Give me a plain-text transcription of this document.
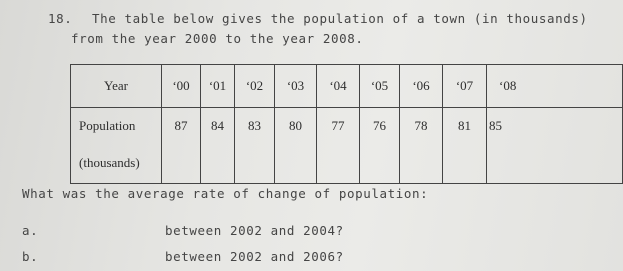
18. The table below gives the population of a town (in thousands)
from the year 2000 to the year 2008.
Year	‘00	‘01	‘02	‘03	‘04	‘05	‘06	‘07	‘08
Population	87	84	83	80	77	76	78	81	85
(thousands)									
What was the average rate of change of population:
a.	between 2002 and 2004?
b.	between 2002 and 2006?
